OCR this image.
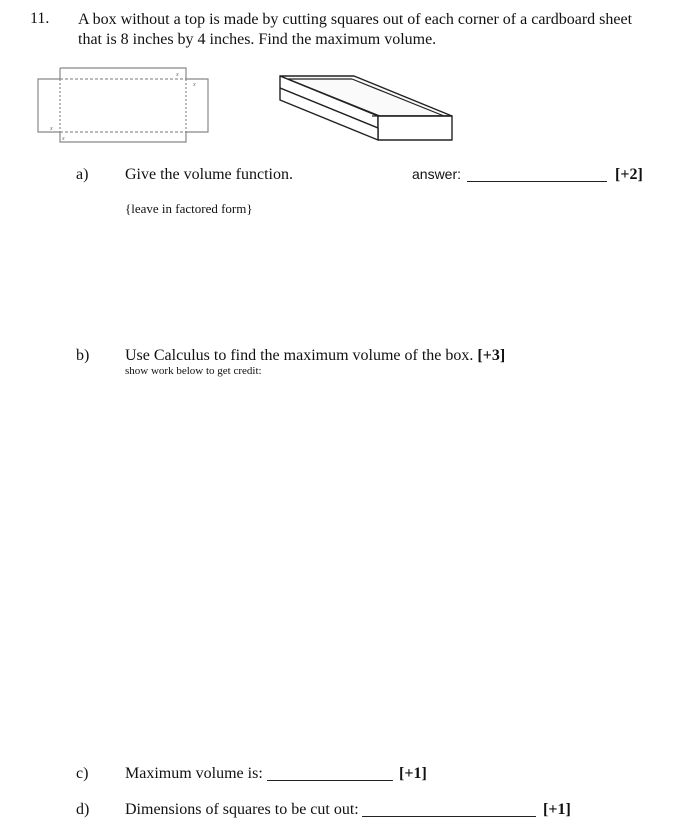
11. A box without a top is made by cutting squares out of each corner of a cardboard sheet
that is 8 inches by 4 inches. Find the maximum volume.
x
x
x
x
a) Give the volume function.	answer:	[+2]
{leave in factored form}
b) Use Calculus to find the maximum volume of the box. [+3]
show work below to get credit:
c) Maximum volume is:	[+1]
d) Dimensions of squares to be cut out:	[+1]
